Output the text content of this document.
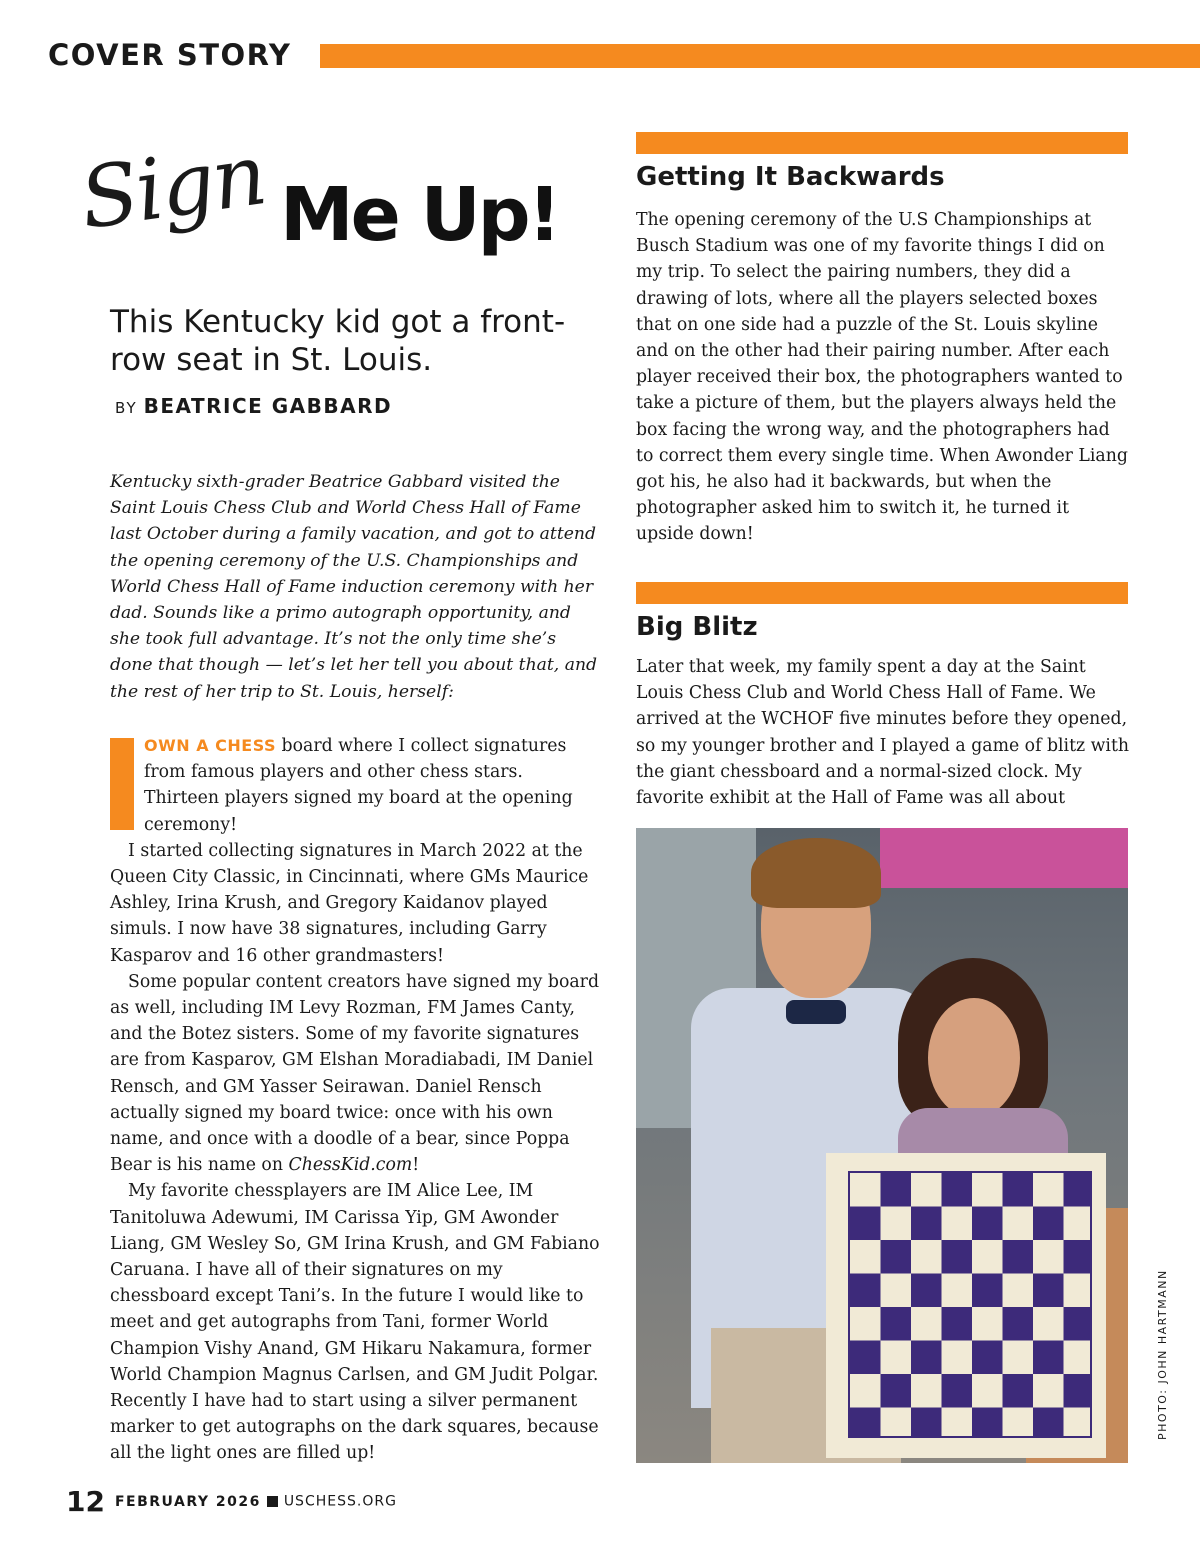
COVER STORY
Sign Me Up!
This Kentucky kid got a front-row seat in St. Louis.
BY BEATRICE GABBARD
Kentucky sixth-grader Beatrice Gabbard visited the Saint Louis Chess Club and World Chess Hall of Fame last October during a family vacation, and got to attend the opening ceremony of the U.S. Championships and World Chess Hall of Fame induction ceremony with her dad. Sounds like a primo autograph opportunity, and she took full advantage. It’s not the only time she’s done that though — let’s let her tell you about that, and the rest of her trip to St. Louis, herself:

OWN A CHESS board where I collect signatures from famous players and other chess stars. Thirteen players signed my board at the opening ceremony!

I started collecting signatures in March 2022 at the Queen City Classic, in Cincinnati, where GMs Maurice Ashley, Irina Krush, and Gregory Kaidanov played simuls. I now have 38 signatures, including Garry Kasparov and 16 other grandmasters!

Some popular content creators have signed my board as well, including IM Levy Rozman, FM James Canty, and the Botez sisters. Some of my favorite signatures are from Kasparov, GM Elshan Moradiabadi, IM Daniel Rensch, and GM Yasser Seirawan. Daniel Rensch actually signed my board twice: once with his own name, and once with a doodle of a bear, since Poppa Bear is his name on ChessKid.com!

My favorite chessplayers are IM Alice Lee, IM Tanitoluwa Adewumi, IM Carissa Yip, GM Awonder Liang, GM Wesley So, GM Irina Krush, and GM Fabiano Caruana. I have all of their signatures on my chessboard except Tani’s. In the future I would like to meet and get autographs from Tani, former World Champion Vishy Anand, GM Hikaru Nakamura, former World Champion Magnus Carlsen, and GM Judit Polgar. Recently I have had to start using a silver permanent marker to get autographs on the dark squares, because all the light ones are filled up!

Getting It Backwards
The opening ceremony of the U.S Championships at Busch Stadium was one of my favorite things I did on my trip. To select the pairing numbers, they did a drawing of lots, where all the players selected boxes that on one side had a puzzle of the St. Louis skyline and on the other had their pairing number. After each player received their box, the photographers wanted to take a picture of them, but the players always held the box facing the wrong way, and the photographers had to correct them every single time. When Awonder Liang got his, he also had it backwards, but when the photographer asked him to switch it, he turned it upside down!
Big Blitz
Later that week, my family spent a day at the Saint Louis Chess Club and World Chess Hall of Fame. We arrived at the WCHOF five minutes before they opened, so my younger brother and I played a game of blitz with the giant chessboard and a normal-sized clock. My favorite exhibit at the Hall of Fame was all about
PHOTO: JOHN HARTMANN
12 FEBRUARY 2026 USCHESS.ORG
